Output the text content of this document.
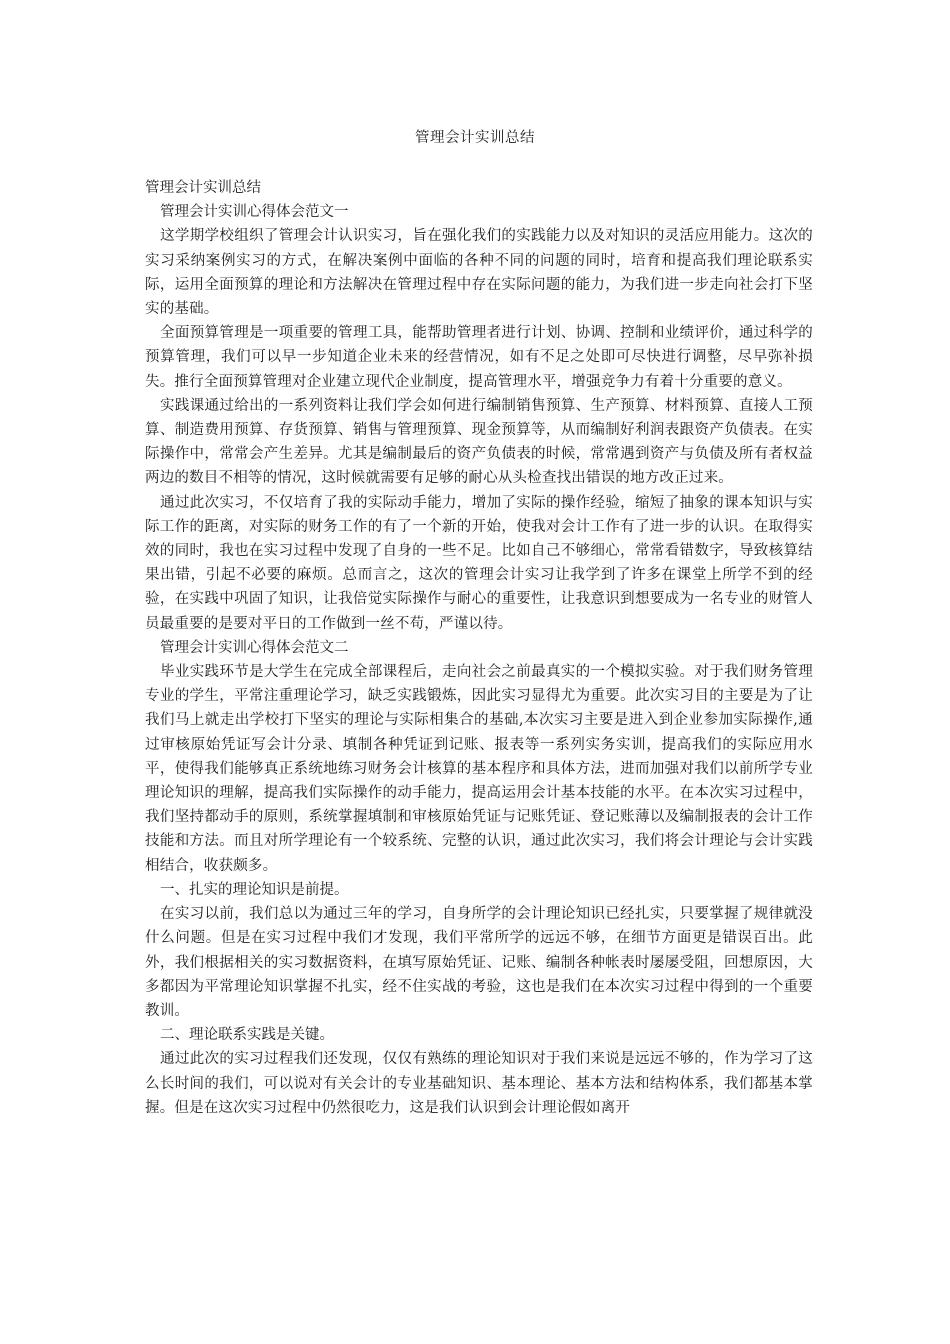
管理会计实训总结

管理会计实训总结

管理会计实训心得体会范文一

这学期学校组织了管理会计认识实习，旨在强化我们的实践能力以及对知识的灵活应用能力。这次的实习采纳案例实习的方式，在解决案例中面临的各种不同的问题的同时，培育和提高我们理论联系实际，运用全面预算的理论和方法解决在管理过程中存在实际问题的能力，为我们进一步走向社会打下坚实的基础。

全面预算管理是一项重要的管理工具，能帮助管理者进行计划、协调、控制和业绩评价，通过科学的预算管理，我们可以早一步知道企业未来的经营情况，如有不足之处即可尽快进行调整，尽早弥补损失。推行全面预算管理对企业建立现代企业制度，提高管理水平，增强竞争力有着十分重要的意义。

实践课通过给出的一系列资料让我们学会如何进行编制销售预算、生产预算、材料预算、直接人工预算、制造费用预算、存货预算、销售与管理预算、现金预算等，从而编制好利润表跟资产负债表。在实际操作中，常常会产生差异。尤其是编制最后的资产负债表的时候，常常遇到资产与负债及所有者权益两边的数目不相等的情况，这时候就需要有足够的耐心从头检查找出错误的地方改正过来。

通过此次实习，不仅培育了我的实际动手能力，增加了实际的操作经验，缩短了抽象的课本知识与实际工作的距离，对实际的财务工作的有了一个新的开始，使我对会计工作有了进一步的认识。在取得实效的同时，我也在实习过程中发现了自身的一些不足。比如自己不够细心，常常看错数字，导致核算结果出错，引起不必要的麻烦。总而言之，这次的管理会计实习让我学到了许多在课堂上所学不到的经验，在实践中巩固了知识，让我倍觉实际操作与耐心的重要性，让我意识到想要成为一名专业的财管人员最重要的是要对平日的工作做到一丝不苟，严谨以待。

管理会计实训心得体会范文二

毕业实践环节是大学生在完成全部课程后，走向社会之前最真实的一个模拟实验。对于我们财务管理专业的学生，平常注重理论学习，缺乏实践锻炼，因此实习显得尤为重要。此次实习目的主要是为了让我们马上就走出学校打下坚实的理论与实际相集合的基础,本次实习主要是进入到企业参加实际操作,通过审核原始凭证写会计分录、填制各种凭证到记账、报表等一系列实务实训，提高我们的实际应用水平，使得我们能够真正系统地练习财务会计核算的基本程序和具体方法，进而加强对我们以前所学专业理论知识的理解，提高我们实际操作的动手能力，提高运用会计基本技能的水平。在本次实习过程中，我们坚持都动手的原则，系统掌握填制和审核原始凭证与记账凭证、登记账薄以及编制报表的会计工作技能和方法。而且对所学理论有一个较系统、完整的认识，通过此次实习，我们将会计理论与会计实践相结合，收获颇多。

一、扎实的理论知识是前提。

在实习以前，我们总以为通过三年的学习，自身所学的会计理论知识已经扎实，只要掌握了规律就没什么问题。但是在实习过程中我们才发现，我们平常所学的远远不够，在细节方面更是错误百出。此外，我们根据相关的实习数据资料，在填写原始凭证、记账、编制各种帐表时屡屡受阻，回想原因，大多都因为平常理论知识掌握不扎实，经不住实战的考验，这也是我们在本次实习过程中得到的一个重要教训。

二、理论联系实践是关键。

通过此次的实习过程我们还发现，仅仅有熟练的理论知识对于我们来说是远远不够的，作为学习了这么长时间的我们，可以说对有关会计的专业基础知识、基本理论、基本方法和结构体系，我们都基本掌握。但是在这次实习过程中仍然很吃力，这是我们认识到会计理论假如离开
